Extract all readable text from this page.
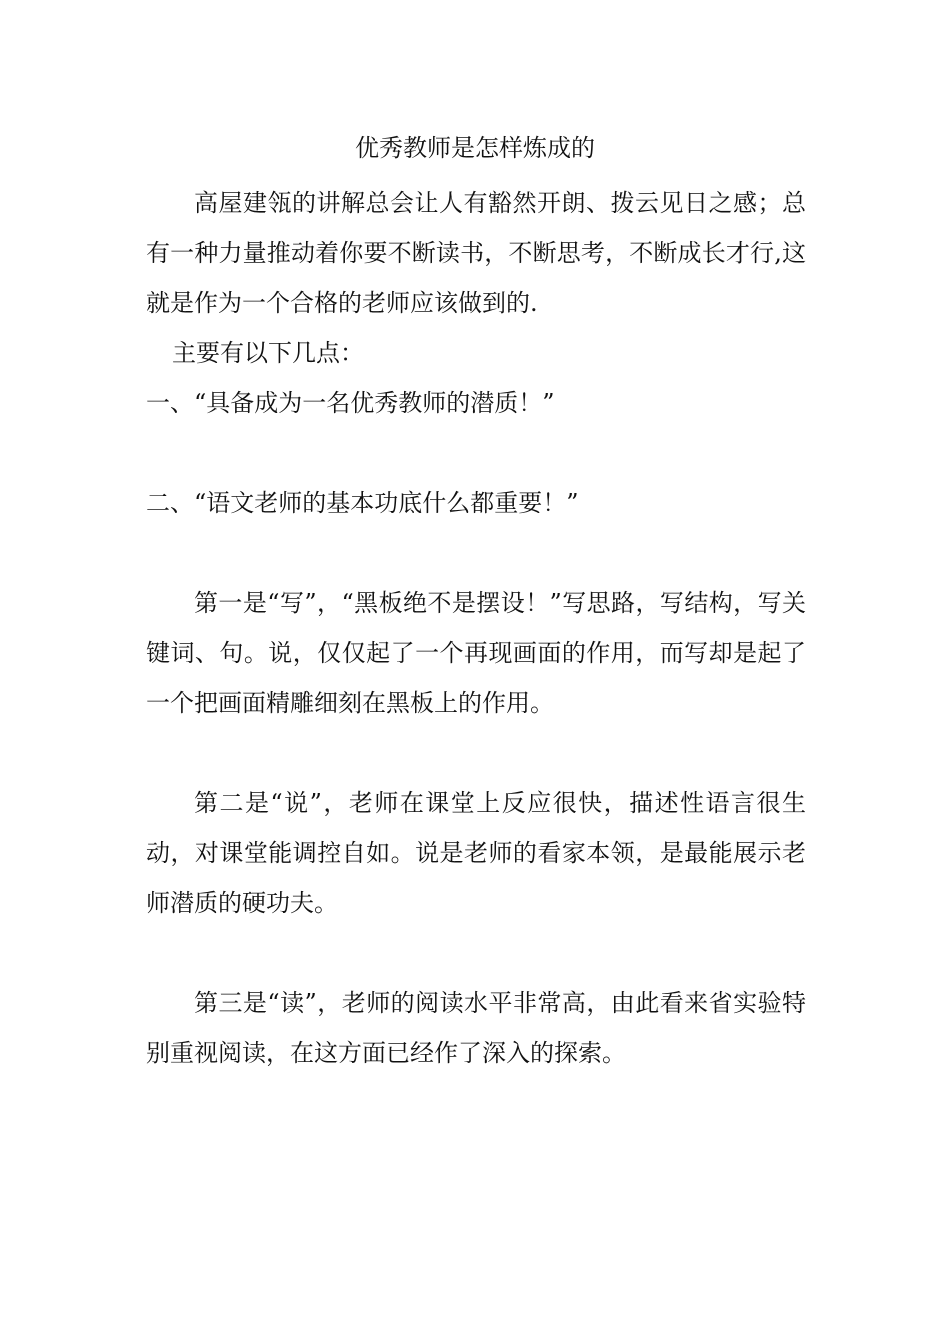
优秀教师是怎样炼成的

高屋建瓴的讲解总会让人有豁然开朗、拨云见日之感；总有一种力量推动着你要不断读书，不断思考，不断成长才行,这就是作为一个合格的老师应该做到的.

主要有以下几点：

一、“具备成为一名优秀教师的潜质！”

二、“语文老师的基本功底什么都重要！”

第一是“写”，“黑板绝不是摆设！”写思路，写结构，写关键词、句。说，仅仅起了一个再现画面的作用，而写却是起了一个把画面精雕细刻在黑板上的作用。

第二是“说”，老师在课堂上反应很快，描述性语言很生动，对课堂能调控自如。说是老师的看家本领，是最能展示老师潜质的硬功夫。

第三是“读”，老师的阅读水平非常高，由此看来省实验特别重视阅读，在这方面已经作了深入的探索。
